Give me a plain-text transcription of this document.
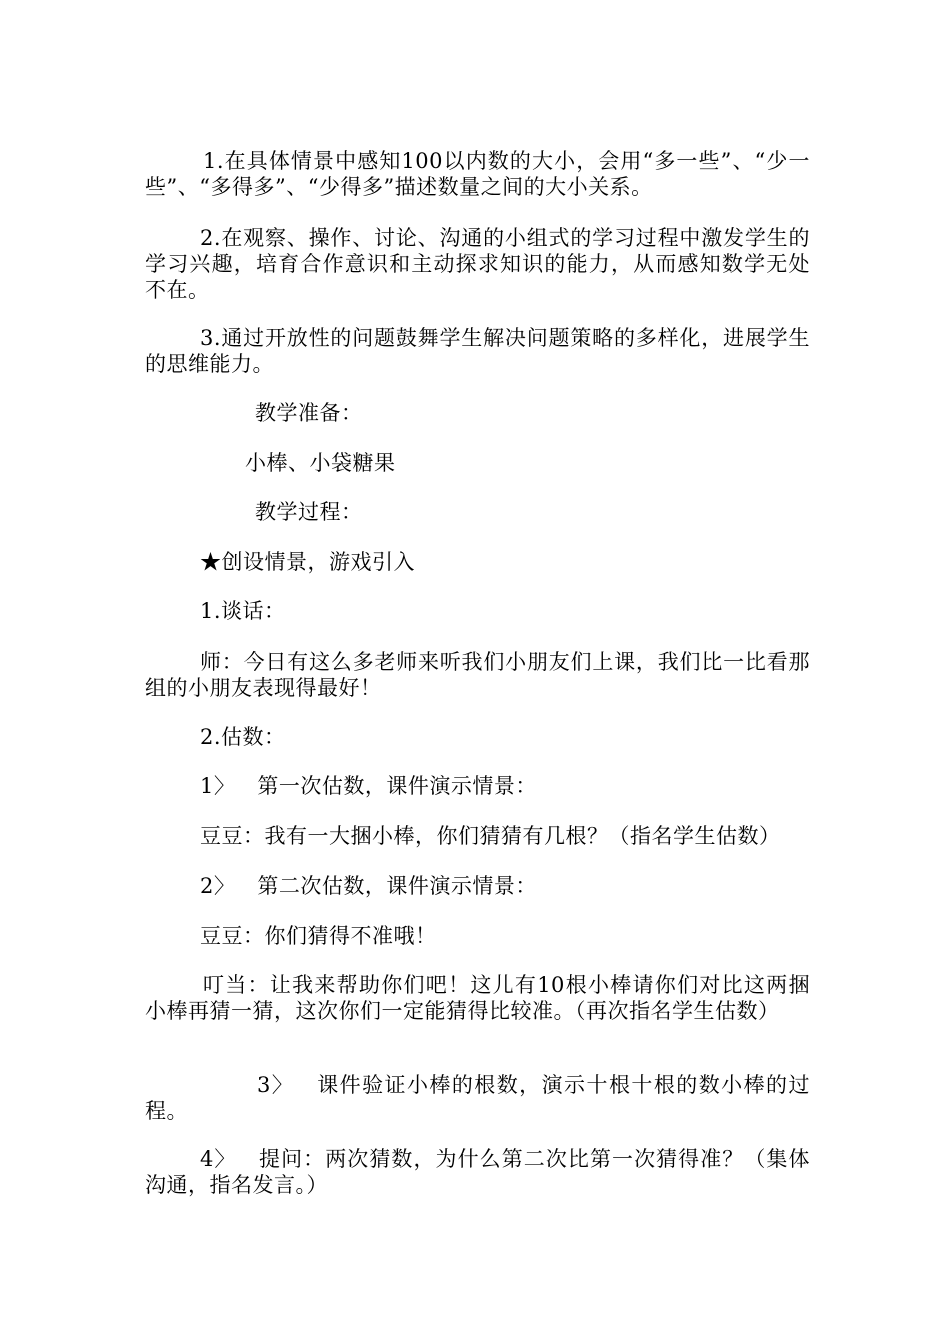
1.在具体情景中感知100以内数的大小，会用“多一些”、“少一些”、“多得多”、“少得多”描述数量之间的大小关系。

2.在观察、操作、讨论、沟通的小组式的学习过程中激发学生的学习兴趣，培育合作意识和主动探求知识的能力，从而感知数学无处不在。

3.通过开放性的问题鼓舞学生解决问题策略的多样化，进展学生的思维能力。

教学准备：

小棒、小袋糖果

教学过程：

★创设情景，游戏引入

1.谈话：

师：今日有这么多老师来听我们小朋友们上课，我们比一比看那组的小朋友表现得最好！

2.估数：

1〉 第一次估数，课件演示情景：

豆豆：我有一大捆小棒，你们猜猜有几根？（指名学生估数）

2〉 第二次估数，课件演示情景：

豆豆：你们猜得不准哦！

叮当：让我来帮助你们吧！这儿有10根小棒请你们对比这两捆小棒再猜一猜，这次你们一定能猜得比较准。（再次指名学生估数）

3〉 课件验证小棒的根数，演示十根十根的数小棒的过程。

4〉 提问：两次猜数，为什么第二次比第一次猜得准？（集体沟通，指名发言。）
